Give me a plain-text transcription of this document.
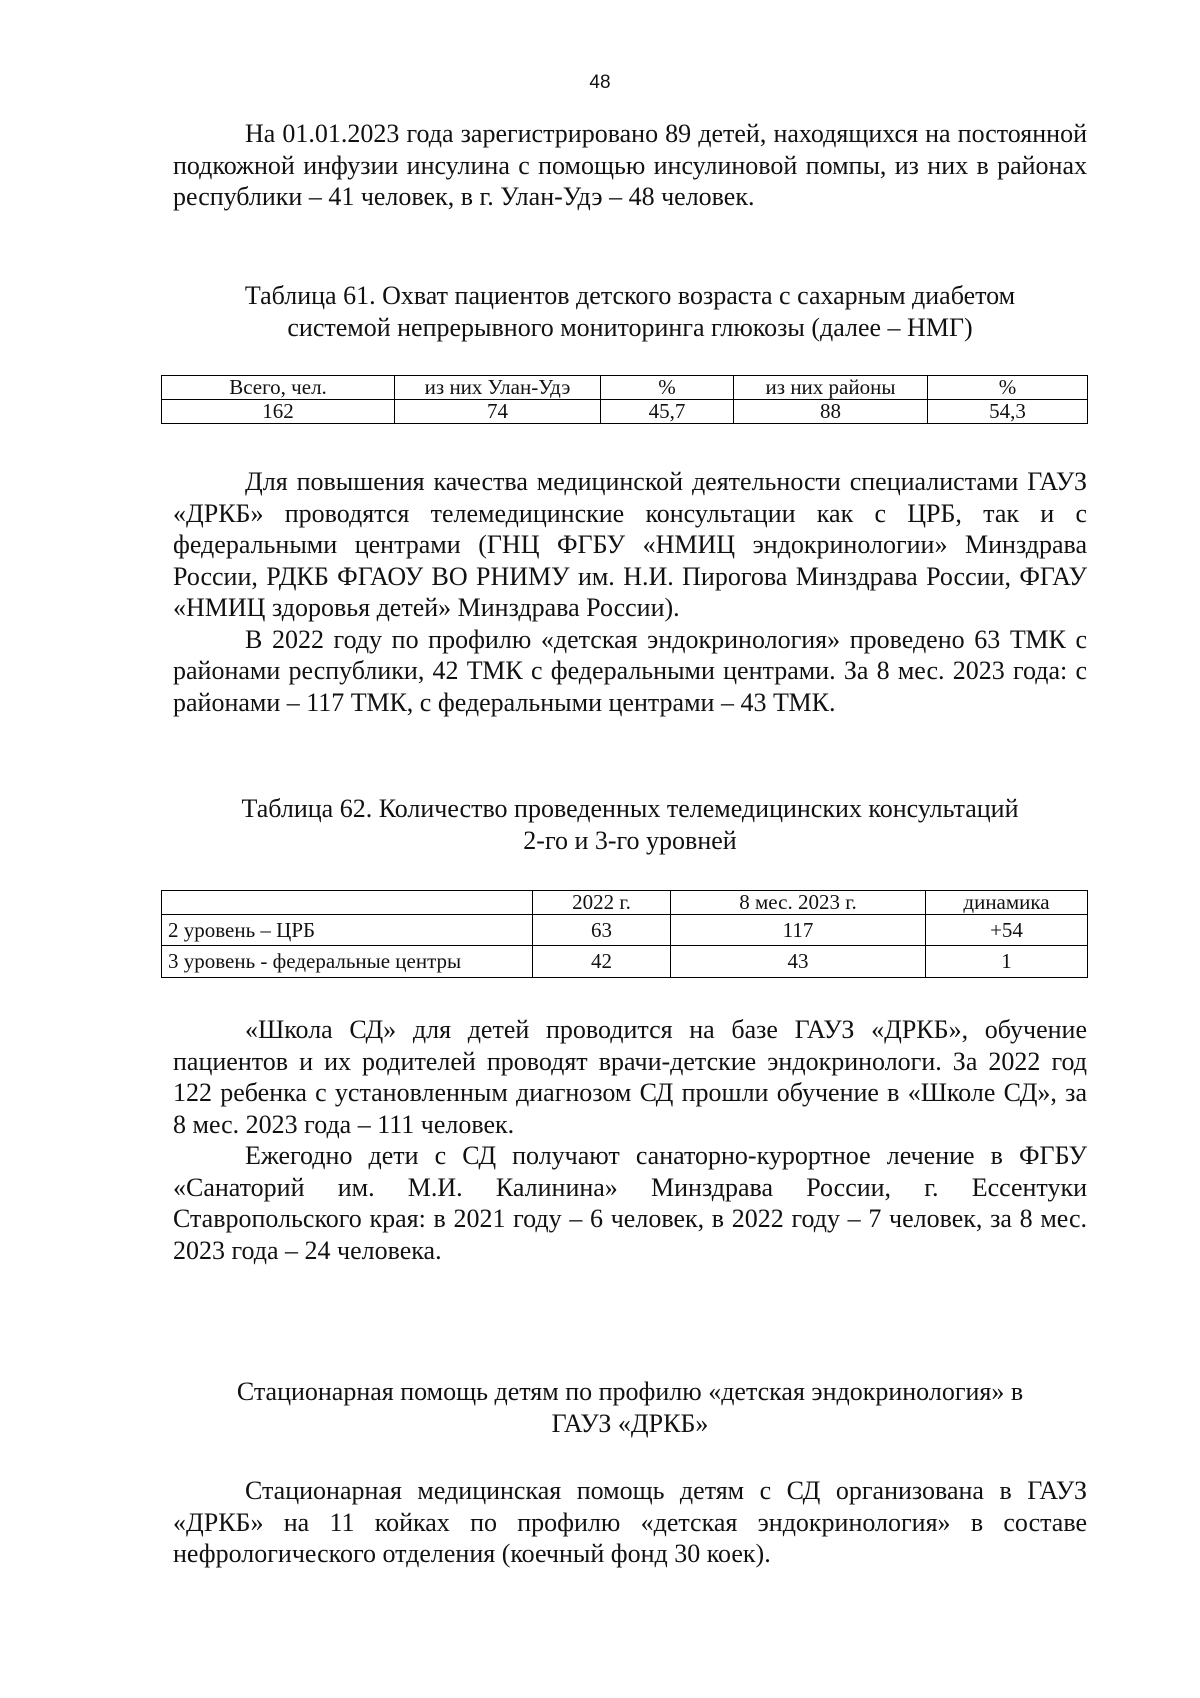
48

На 01.01.2023 года зарегистрировано 89 детей, находящихся на постоянной подкожной инфузии инсулина с помощью инсулиновой помпы, из них в районах республики – 41 человек, в г. Улан-Удэ – 48 человек.

Таблица 61. Охват пациентов детского возраста с сахарным диабетом
системой непрерывного мониторинга глюкозы (далее – НМГ)
Всего, чел.	из них Улан-Удэ	%	из них районы	%
162	74	45,7	88	54,3

Для повышения качества медицинской деятельности специалистами ГАУЗ «ДРКБ» проводятся телемедицинские консультации как с ЦРБ, так и с федеральными центрами (ГНЦ ФГБУ «НМИЦ эндокринологии» Минздрава России, РДКБ ФГАОУ ВО РНИМУ им. Н.И. Пирогова Минздрава России, ФГАУ «НМИЦ здоровья детей» Минздрава России).

В 2022 году по профилю «детская эндокринология» проведено 63 ТМК с районами республики, 42 ТМК с федеральными центрами. За 8 мес. 2023 года: с районами – 117 ТМК, с федеральными центрами – 43 ТМК.

Таблица 62. Количество проведенных телемедицинских консультаций
2-го и 3-го уровней
	2022 г.	8 мес. 2023 г.	динамика
2 уровень – ЦРБ	63	117	+54
3 уровень - федеральные центры	42	43	1

«Школа СД» для детей проводится на базе ГАУЗ «ДРКБ», обучение пациентов и их родителей проводят врачи-детские эндокринологи. За 2022 год 122 ребенка с установленным диагнозом СД прошли обучение в «Школе СД», за 8 мес. 2023 года – 111 человек.

Ежегодно дети с СД получают санаторно-курортное лечение в ФГБУ «Санаторий им. М.И. Калинина» Минздрава России, г. Ессентуки Ставропольского края: в 2021 году – 6 человек, в 2022 году – 7 человек, за 8 мес. 2023 года – 24 человека.

Стационарная помощь детям по профилю «детская эндокринология» в
ГАУЗ «ДРКБ»

Стационарная медицинская помощь детям с СД организована в ГАУЗ «ДРКБ» на 11 койках по профилю «детская эндокринология» в составе нефрологического отделения (коечный фонд 30 коек).
